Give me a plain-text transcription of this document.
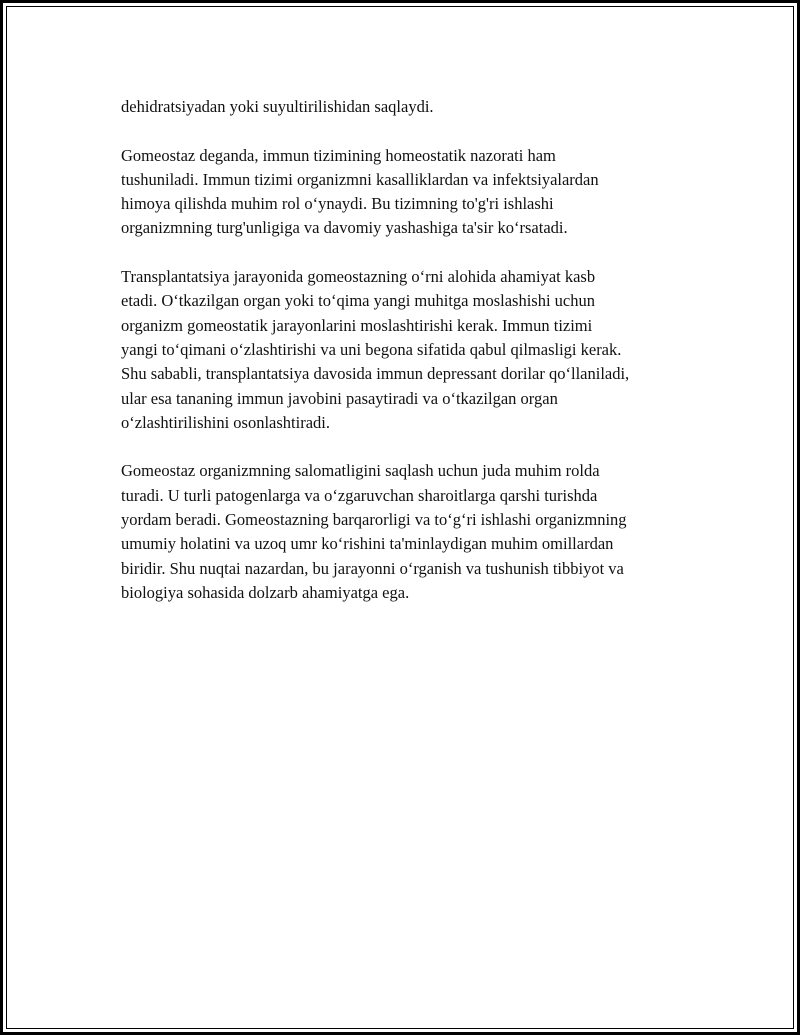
dehidratsiyadan yoki suyultirilishidan saqlaydi.

Gomeostaz deganda, immun tizimining homeostatik nazorati ham
tushuniladi. Immun tizimi organizmni kasalliklardan va infektsiyalardan
himoya qilishda muhim rol o‘ynaydi. Bu tizimning to'g'ri ishlashi
organizmning turg'unligiga va davomiy yashashiga ta'sir ko‘rsatadi.

Transplantatsiya jarayonida gomeostazning o‘rni alohida ahamiyat kasb
etadi. O‘tkazilgan organ yoki to‘qima yangi muhitga moslashishi uchun
organizm gomeostatik jarayonlarini moslashtirishi kerak. Immun tizimi
yangi to‘qimani o‘zlashtirishi va uni begona sifatida qabul qilmasligi kerak.
Shu sababli, transplantatsiya davosida immun depressant dorilar qo‘llaniladi,
ular esa tananing immun javobini pasaytiradi va o‘tkazilgan organ
o‘zlashtirilishini osonlashtiradi.

Gomeostaz organizmning salomatligini saqlash uchun juda muhim rolda
turadi. U turli patogenlarga va o‘zgaruvchan sharoitlarga qarshi turishda
yordam beradi. Gomeostazning barqarorligi va to‘g‘ri ishlashi organizmning
umumiy holatini va uzoq umr ko‘rishini ta'minlaydigan muhim omillardan
biridir. Shu nuqtai nazardan, bu jarayonni o‘rganish va tushunish tibbiyot va
biologiya sohasida dolzarb ahamiyatga ega.
